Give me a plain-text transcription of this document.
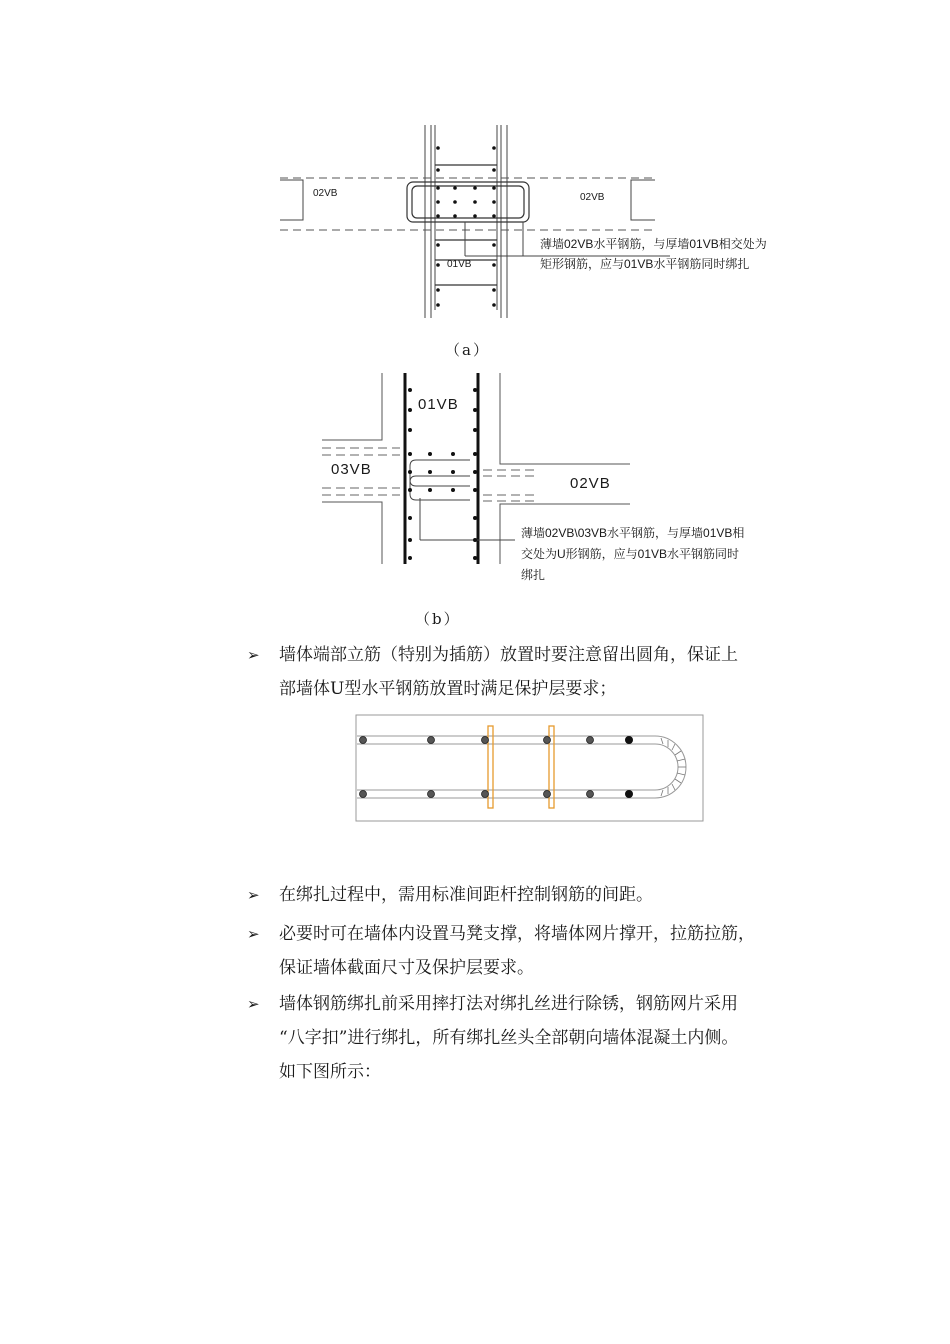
02VB	02VB
01VB
薄墙02VB水平钢筋，与厚墙01VB相交处为
矩形钢筋，应与01VB水平钢筋同时绑扎
（a）
01VB
03VB
02VB
薄墙02VB\03VB水平钢筋，与厚墙01VB相
交处为U形钢筋，应与01VB水平钢筋同时
绑扎
（b）
➢	墙体端部立筋（特别为插筋）放置时要注意留出圆角，保证上
部墙体U型水平钢筋放置时满足保护层要求；
➢	在绑扎过程中，需用标准间距杆控制钢筋的间距。
➢	必要时可在墙体内设置马凳支撑，将墙体网片撑开，拉筋拉筋，
保证墙体截面尺寸及保护层要求。
➢	墙体钢筋绑扎前采用摔打法对绑扎丝进行除锈，钢筋网片采用
“八字扣”进行绑扎，所有绑扎丝头全部朝向墙体混凝土内侧。
如下图所示：
